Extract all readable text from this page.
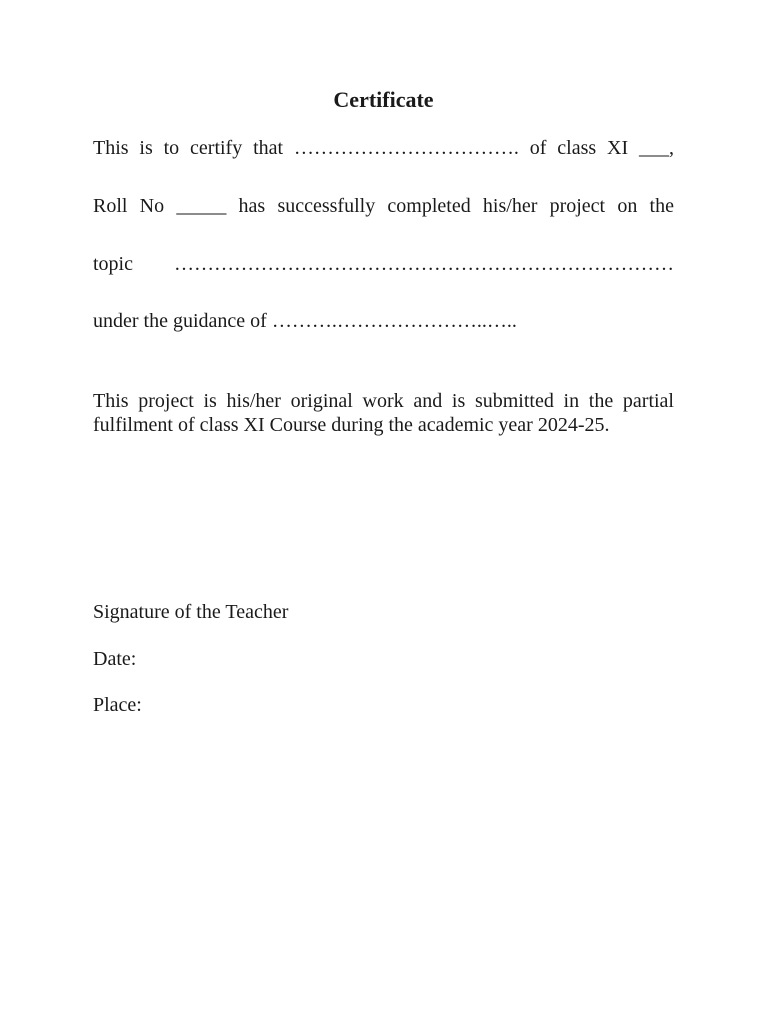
Certificate

This is to certify that ……………………………. of class XI ___,

Roll No _____ has successfully completed his/her project on the

topic …………………………………………………………………

under the guidance of ……….…………………..…..

This project is his/her original work and is submitted in the partial fulfilment of class XI Course during the academic year 2024-25.

Signature of the Teacher

Date:

Place:
